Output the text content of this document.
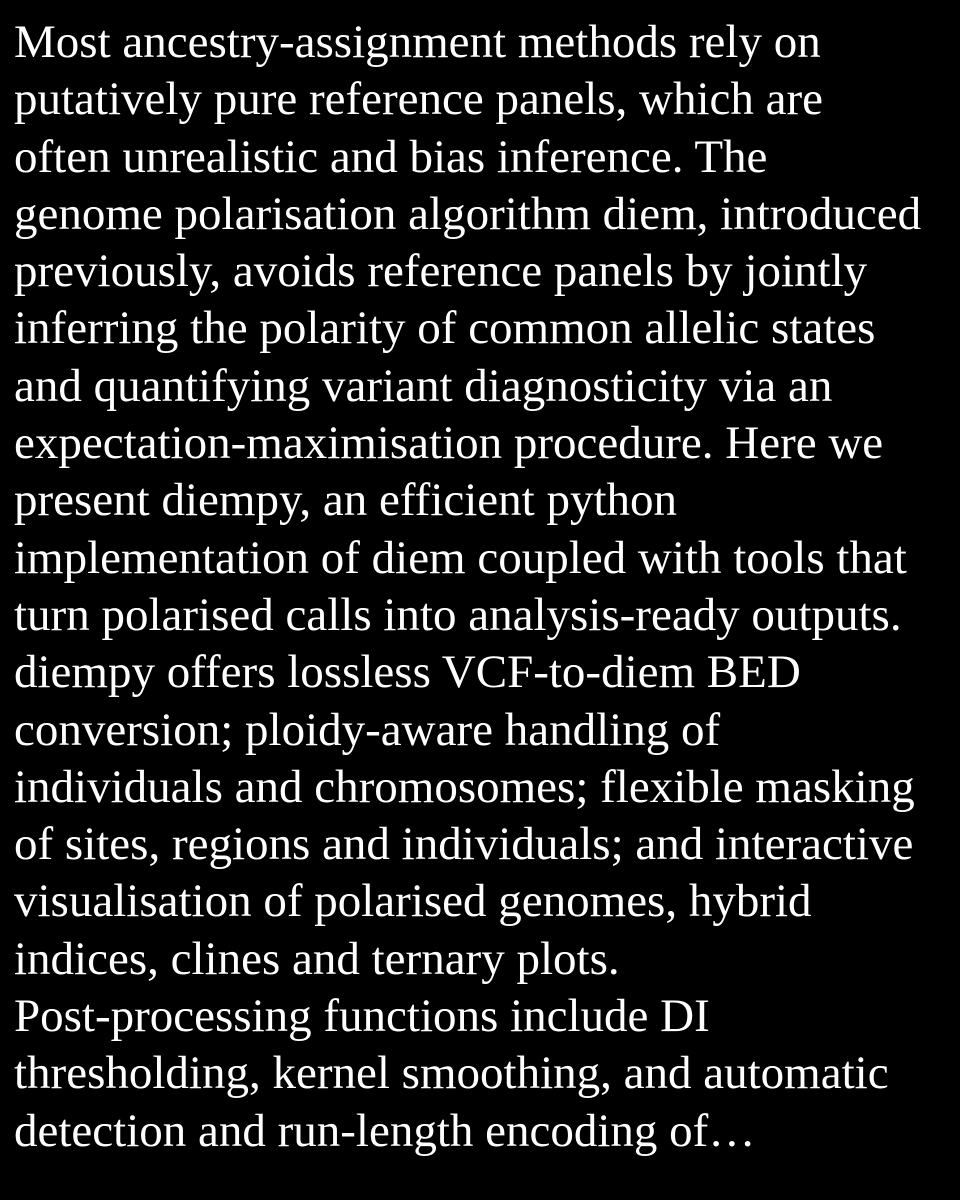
Most ancestry-assignment methods rely on
putatively pure reference panels, which are
often unrealistic and bias inference. The
genome polarisation algorithm diem, introduced
previously, avoids reference panels by jointly
inferring the polarity of common allelic states
and quantifying variant diagnosticity via an
expectation-maximisation procedure. Here we
present diempy, an efficient python
implementation of diem coupled with tools that
turn polarised calls into analysis-ready outputs.
diempy offers lossless VCF-to-diem BED
conversion; ploidy-aware handling of
individuals and chromosomes; flexible masking
of sites, regions and individuals; and interactive
visualisation of polarised genomes, hybrid
indices, clines and ternary plots.
Post-processing functions include DI
thresholding, kernel smoothing, and automatic
detection and run-length encoding of…
